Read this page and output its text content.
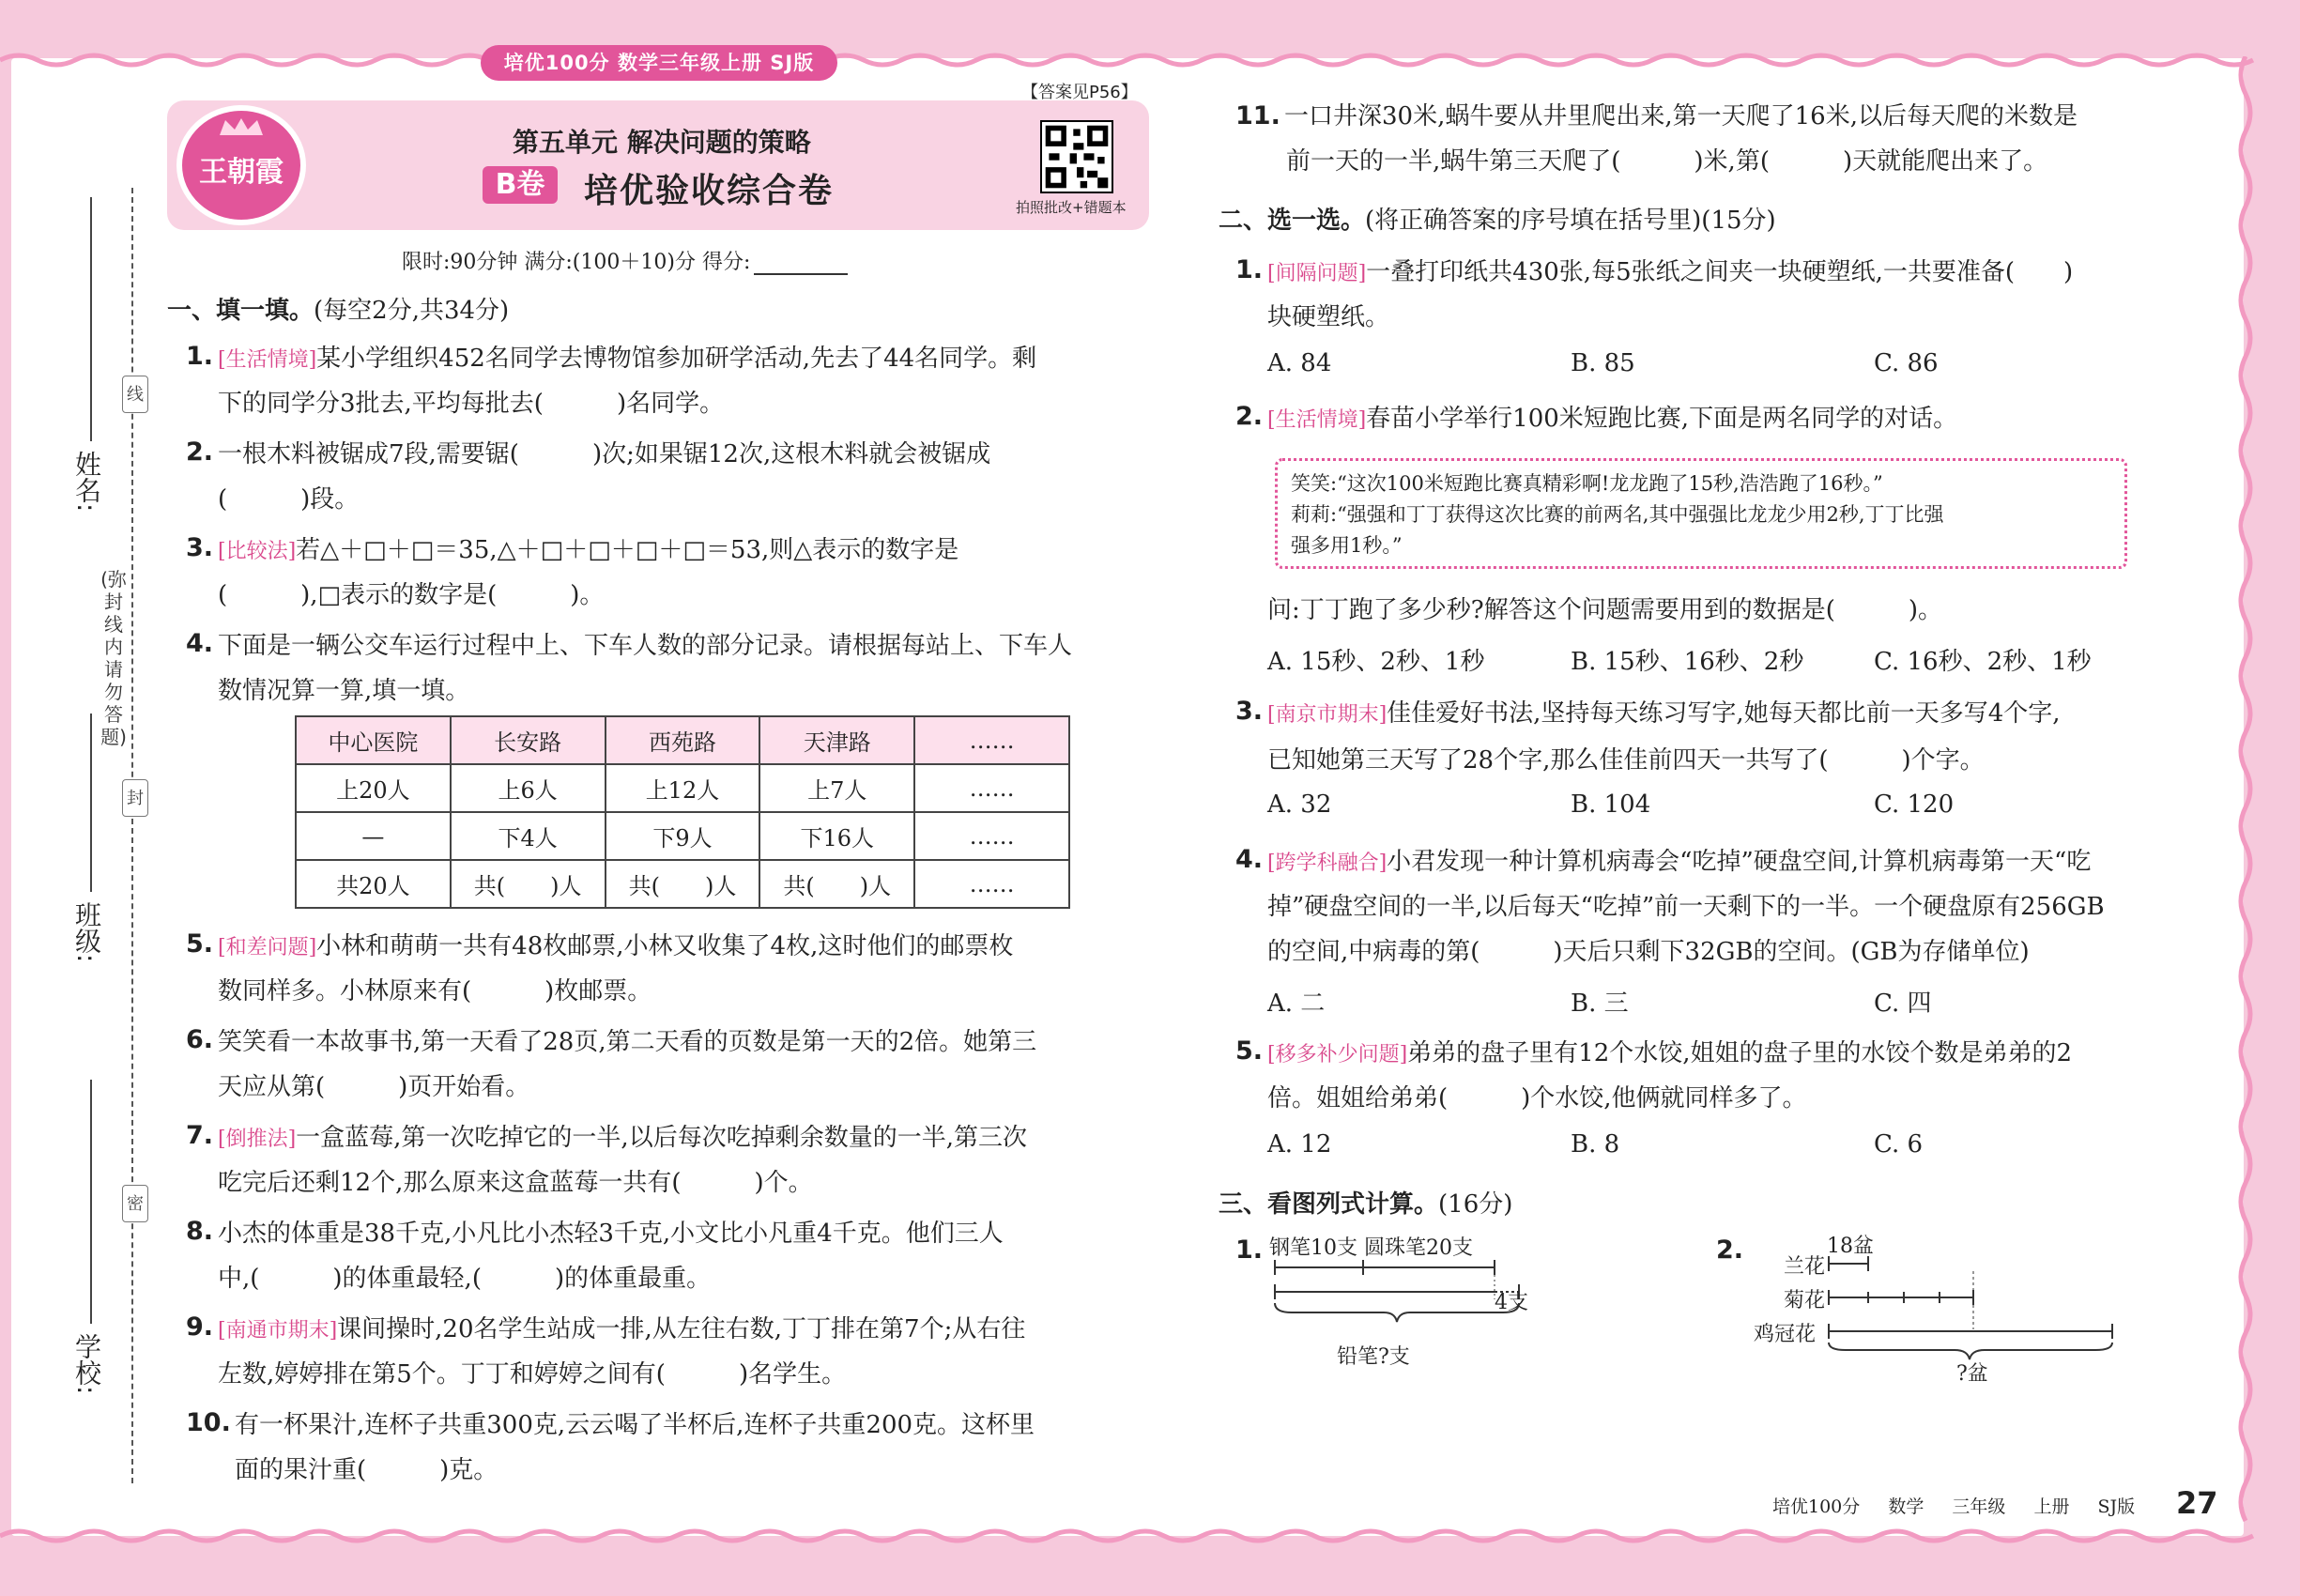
培优100分 数学三年级上册 SJ版
姓名:
线
(弥封线内请勿答题)
封
班级:
密
学校:
王朝霞
第五单元 解决问题的策略
B卷	培优验收综合卷
【答案见P56】
拍照批改+错题本
限时:90分钟 满分:(100＋10)分 得分:
一、填一填。(每空2分,共34分)
1. [生活情境]某小学组织452名同学去博物馆参加研学活动,先去了44名同学。剩
下的同学分3批去,平均每批去(　　　)名同学。
2. 一根木料被锯成7段,需要锯(　　　)次;如果锯12次,这根木料就会被锯成
(　　　)段。
3. [比较法]若△＋□＋□＝35,△＋□＋□＋□＋□＝53,则△表示的数字是
(　　　),□表示的数字是(　　　)。
4. 下面是一辆公交车运行过程中上、下车人数的部分记录。请根据每站上、下车人
数情况算一算,填一填。
中心医院	长安路	西苑路	天津路	……
上20人	上6人	上12人	上7人	……
—	下4人	下9人	下16人	……
共20人	共(　　)人	共(　　)人	共(　　)人	……
5. [和差问题]小林和萌萌一共有48枚邮票,小林又收集了4枚,这时他们的邮票枚
数同样多。小林原来有(　　　)枚邮票。
6. 笑笑看一本故事书,第一天看了28页,第二天看的页数是第一天的2倍。她第三
天应从第(　　　)页开始看。
7. [倒推法]一盒蓝莓,第一次吃掉它的一半,以后每次吃掉剩余数量的一半,第三次
吃完后还剩12个,那么原来这盒蓝莓一共有(　　　)个。
8. 小杰的体重是38千克,小凡比小杰轻3千克,小文比小凡重4千克。他们三人
中,(　　　)的体重最轻,(　　　)的体重最重。
9. [南通市期末]课间操时,20名学生站成一排,从左往右数,丁丁排在第7个;从右往
左数,婷婷排在第5个。丁丁和婷婷之间有(　　　)名学生。
10. 有一杯果汁,连杯子共重300克,云云喝了半杯后,连杯子共重200克。这杯里
面的果汁重(　　　)克。
11. 一口井深30米,蜗牛要从井里爬出来,第一天爬了16米,以后每天爬的米数是
前一天的一半,蜗牛第三天爬了(　　　)米,第(　　　)天就能爬出来了。
二、选一选。(将正确答案的序号填在括号里)(15分)
1. [间隔问题]一叠打印纸共430张,每5张纸之间夹一块硬塑纸,一共要准备(　　)
块硬塑纸。
A. 84	B. 85	C. 86
2. [生活情境]春苗小学举行100米短跑比赛,下面是两名同学的对话。
笑笑:“这次100米短跑比赛真精彩啊!龙龙跑了15秒,浩浩跑了16秒。”
莉莉:“强强和丁丁获得这次比赛的前两名,其中强强比龙龙少用2秒,丁丁比强
强多用1秒。”
问:丁丁跑了多少秒?解答这个问题需要用到的数据是(　　　)。
A. 15秒、2秒、1秒	B. 15秒、16秒、2秒	C. 16秒、2秒、1秒
3. [南京市期末]佳佳爱好书法,坚持每天练习写字,她每天都比前一天多写4个字,
已知她第三天写了28个字,那么佳佳前四天一共写了(　　　)个字。
A. 32	B. 104	C. 120
4. [跨学科融合]小君发现一种计算机病毒会“吃掉”硬盘空间,计算机病毒第一天“吃
掉”硬盘空间的一半,以后每天“吃掉”前一天剩下的一半。一个硬盘原有256GB
的空间,中病毒的第(　　　)天后只剩下32GB的空间。(GB为存储单位)
A. 二	B. 三	C. 四
5. [移多补少问题]弟弟的盘子里有12个水饺,姐姐的盘子里的水饺个数是弟弟的2
倍。姐姐给弟弟(　　　)个水饺,他俩就同样多了。
A. 12	B. 8	C. 6
三、看图列式计算。(16分)
1. 钢笔10支 圆珠笔20支
4支
铅笔?支
2.	18盆
兰花
菊花
鸡冠花
?盆
培优100分 数学 三年级 上册 SJ版	27
